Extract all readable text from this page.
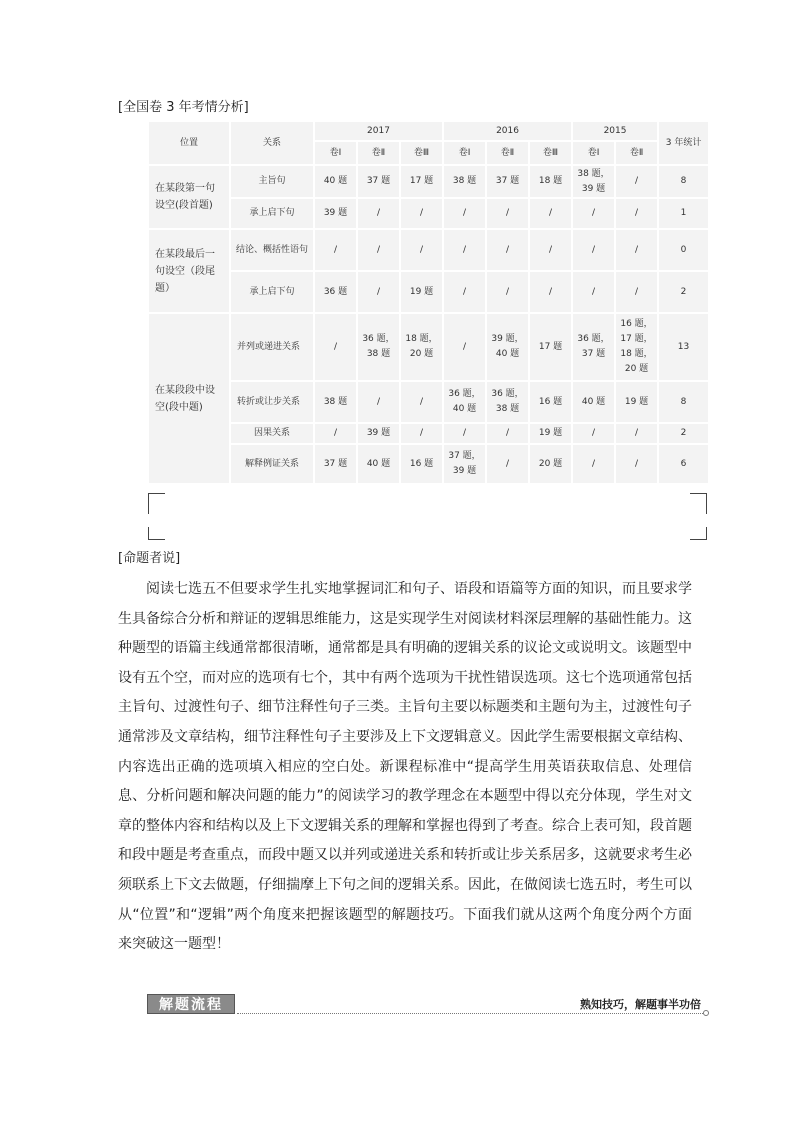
[全国卷 3 年考情分析]
位置	关系	2017			2016			2015		3 年统计
		卷Ⅰ	卷Ⅱ	卷Ⅲ	卷Ⅰ	卷Ⅱ	卷Ⅲ	卷Ⅰ	卷Ⅱ	
在某段第一句设空(段首题)	主旨句	40 题	37 题	17 题	38 题	37 题	18 题	38 题，39 题	/	8
	承上启下句	39 题	/	/	/	/	/	/	/	1
在某段最后一句设空（段尾题）	结论、概括性语句	/	/	/	/	/	/	/	/	0
	承上启下句	36 题	/	19 题	/	/	/	/	/	2
在某段段中设空(段中题)	并列或递进关系	/	36 题，38 题	18 题，20 题	/	39 题，40 题	17 题	36 题，37 题	16 题，17 题，18 题，20 题	13
	转折或让步关系	38 题	/	/	36 题，40 题	36 题，38 题	16 题	40 题	19 题	8
	因果关系	/	39 题	/	/	/	19 题	/	/	2
	解释例证关系	37 题	40 题	16 题	37 题，39 题	/	20 题	/	/	6
[命题者说]

阅读七选五不但要求学生扎实地掌握词汇和句子、语段和语篇等方面的知识，而且要求学生具备综合分析和辩证的逻辑思维能力，这是实现学生对阅读材料深层理解的基础性能力。这种题型的语篇主线通常都很清晰，通常都是具有明确的逻辑关系的议论文或说明文。该题型中设有五个空，而对应的选项有七个，其中有两个选项为干扰性错误选项。这七个选项通常包括主旨句、过渡性句子、细节注释性句子三类。主旨句主要以标题类和主题句为主，过渡性句子通常涉及文章结构，细节注释性句子主要涉及上下文逻辑意义。因此学生需要根据文章结构、内容选出正确的选项填入相应的空白处。新课程标准中“提高学生用英语获取信息、处理信息、分析问题和解决问题的能力”的阅读学习的教学理念在本题型中得以充分体现，学生对文章的整体内容和结构以及上下文逻辑关系的理解和掌握也得到了考查。综合上表可知，段首题和段中题是考查重点，而段中题又以并列或递进关系和转折或让步关系居多，这就要求考生必须联系上下文去做题，仔细揣摩上下句之间的逻辑关系。因此，在做阅读七选五时，考生可以从“位置”和“逻辑”两个角度来把握该题型的解题技巧。下面我们就从这两个角度分两个方面来突破这一题型！

解题流程	熟知技巧，解题事半功倍
